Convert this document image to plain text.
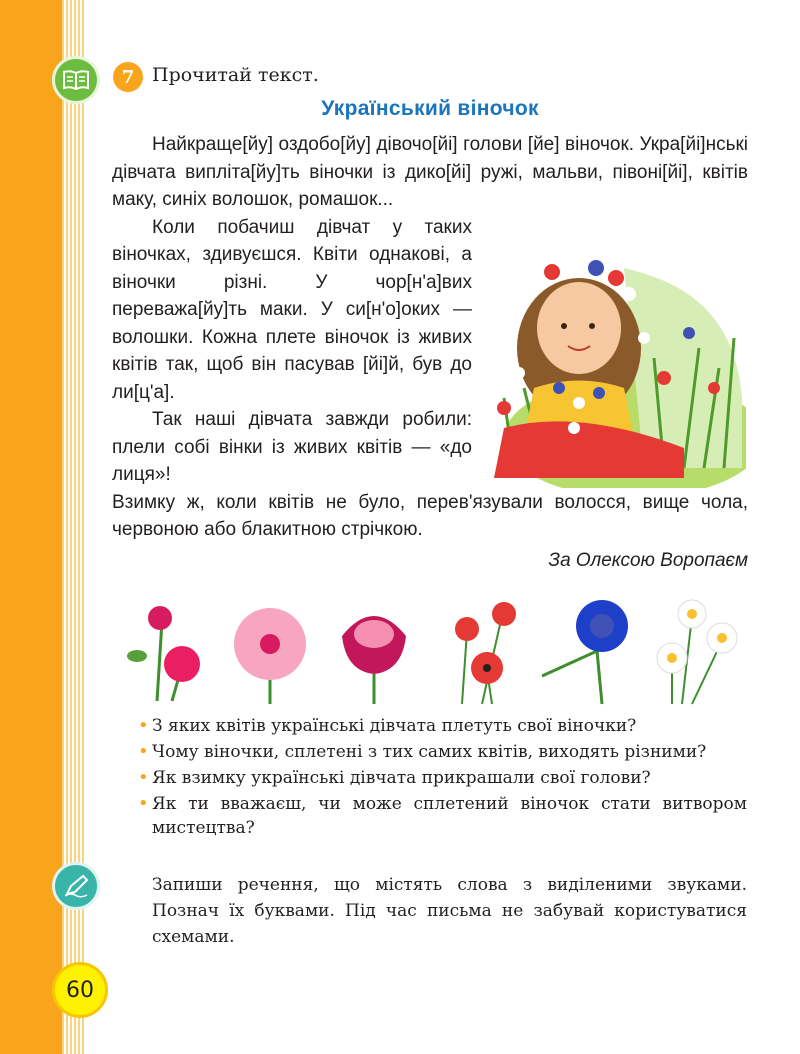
7 Прочитай текст.
Український віночок

Найкраще[йу] оздобо[йу] дівочо[йі] голови [йе] віночок. Укра[йі]нські дівчата випліта[йу]ть віночки із дико[йі] ружі, мальви, півоні[йі], квітів маку, синіх волошок, ромашок...

Коли побачиш дівчат у таких віночках, здивуєшся. Квіти однакові, а віночки різні. У чор[н'а]вих переважа[йу]ть маки. У си[н'о]оких — волошки. Кожна плете віночок із живих квітів так, щоб він пасував [йі]й, був до ли[ц'а].

Так наші дівчата завжди робили: плели собі вінки із живих квітів — «до лиця»!

Взимку ж, коли квітів не було, перев'язували волосся, вище чола, червоною або блакитною стрічкою.

За Олексою Воропаєм

• З яких квітів українські дівчата плетуть свої віночки?
• Чому віночки, сплетені з тих самих квітів, виходять різними?
• Як взимку українські дівчата прикрашали свої голови?
• Як ти вважаєш, чи може сплетений віночок стати витвором мистецтва?

Запиши речення, що містять слова з виділеними звуками. Познач їх буквами. Під час письма не забувай користуватися схемами.

60
